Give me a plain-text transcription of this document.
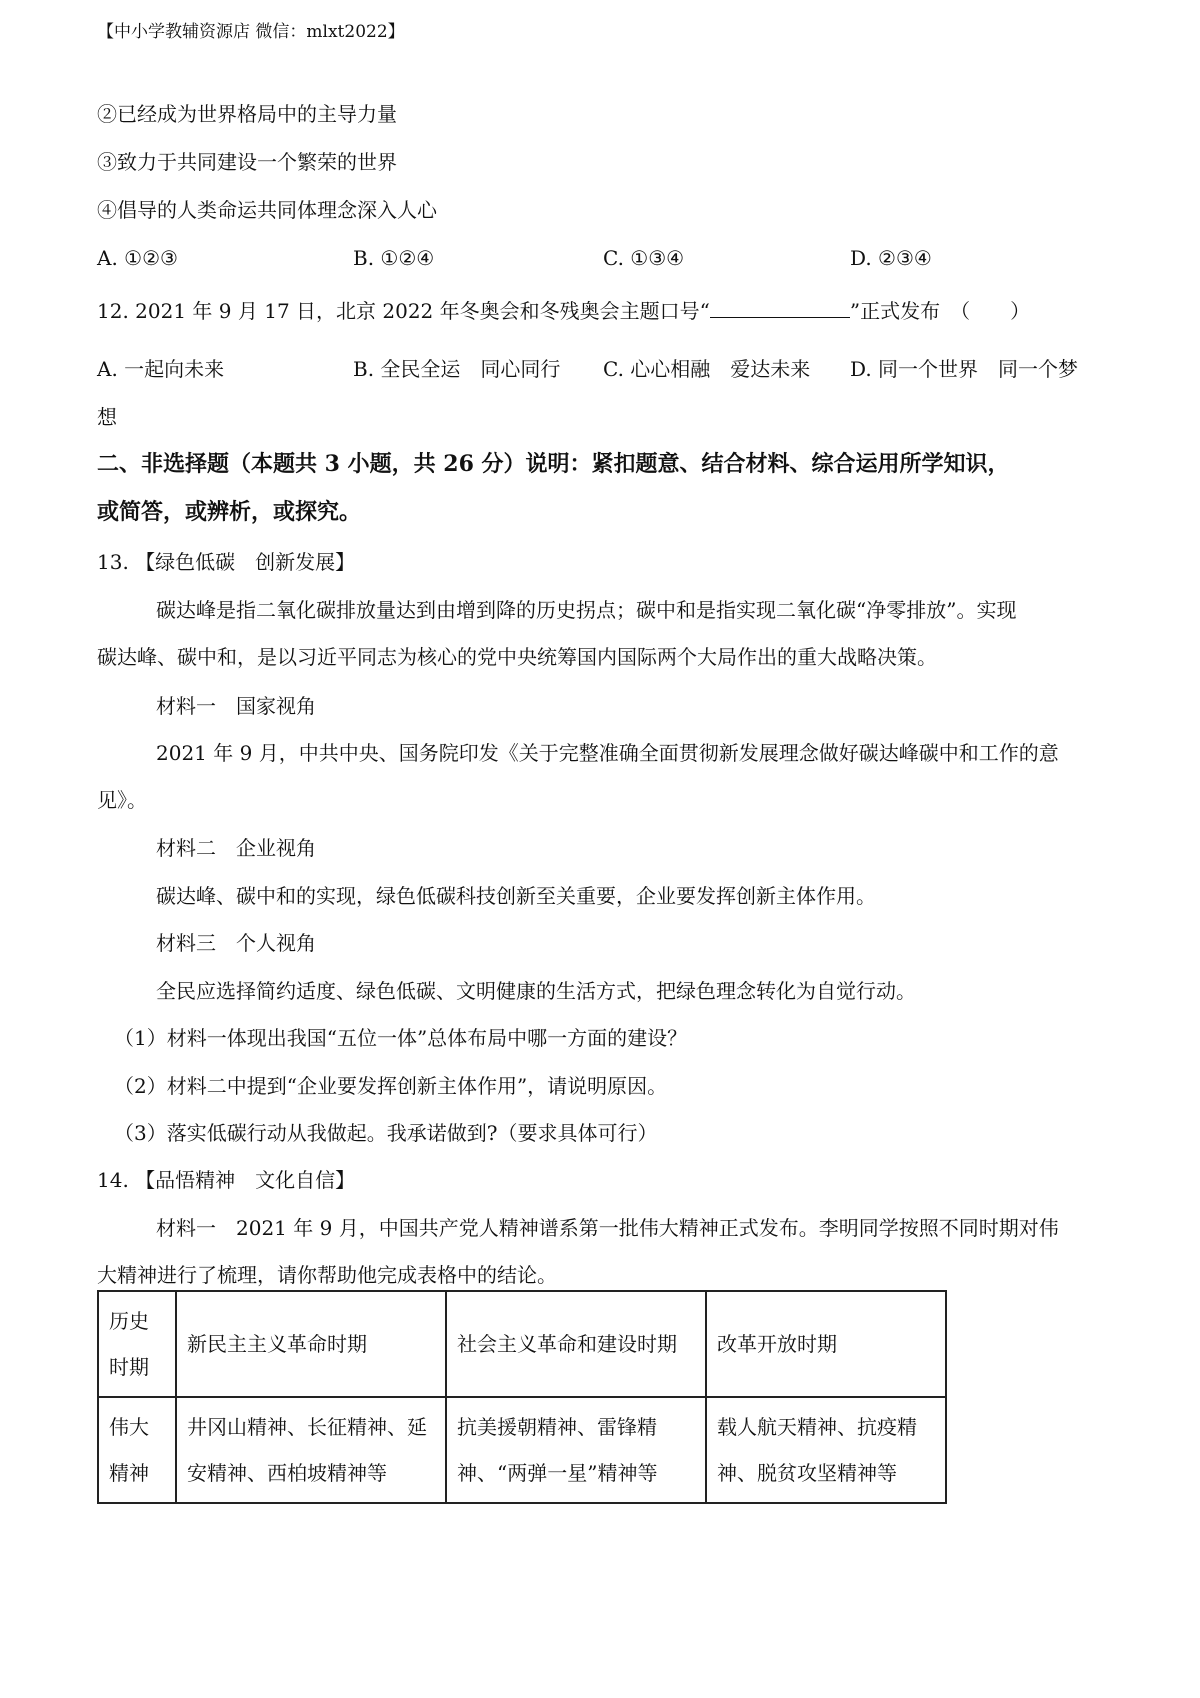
【中小学教辅资源店 微信：mlxt2022】
②已经成为世界格局中的主导力量
③致力于共同建设一个繁荣的世界
④倡导的人类命运共同体理念深入人心
A. ①②③	B. ①②④	C. ①③④	D. ②③④
12. 2021 年 9 月 17 日，北京 2022 年冬奥会和冬残奥会主题口号“	”正式发布　（　　）
A. 一起向未来	B. 全民全运　同心同行 C. 心心相融　爱达未来 D. 同一个世界　同一个梦
想
二、非选择题（本题共 3 小题，共 26 分）说明：紧扣题意、结合材料、综合运用所学知识，
或简答，或辨析，或探究。
13. 【绿色低碳　创新发展】
碳达峰是指二氧化碳排放量达到由增到降的历史拐点；碳中和是指实现二氧化碳“净零排放”。实现
碳达峰、碳中和，是以习近平同志为核心的党中央统筹国内国际两个大局作出的重大战略决策。
材料一　国家视角
2021 年 9 月，中共中央、国务院印发《关于完整准确全面贯彻新发展理念做好碳达峰碳中和工作的意
见》。
材料二　企业视角
碳达峰、碳中和的实现，绿色低碳科技创新至关重要，企业要发挥创新主体作用。
材料三　个人视角
全民应选择简约适度、绿色低碳、文明健康的生活方式，把绿色理念转化为自觉行动。
（1）材料一体现出我国“五位一体”总体布局中哪一方面的建设？
（2）材料二中提到“企业要发挥创新主体作用”，请说明原因。
（3）落实低碳行动从我做起。我承诺做到?（要求具体可行）
14. 【品悟精神　文化自信】
材料一　2021 年 9 月，中国共产党人精神谱系第一批伟大精神正式发布。李明同学按照不同时期对伟
大精神进行了梳理，请你帮助他完成表格中的结论。
历史
时期	新民主主义革命时期	社会主义革命和建设时期	改革开放时期

伟大
精神	井冈山精神、长征精神、延安精神、西柏坡精神等	抗美援朝精神、雷锋精神、“两弹一星”精神等	载人航天精神、抗疫精神、脱贫攻坚精神等
